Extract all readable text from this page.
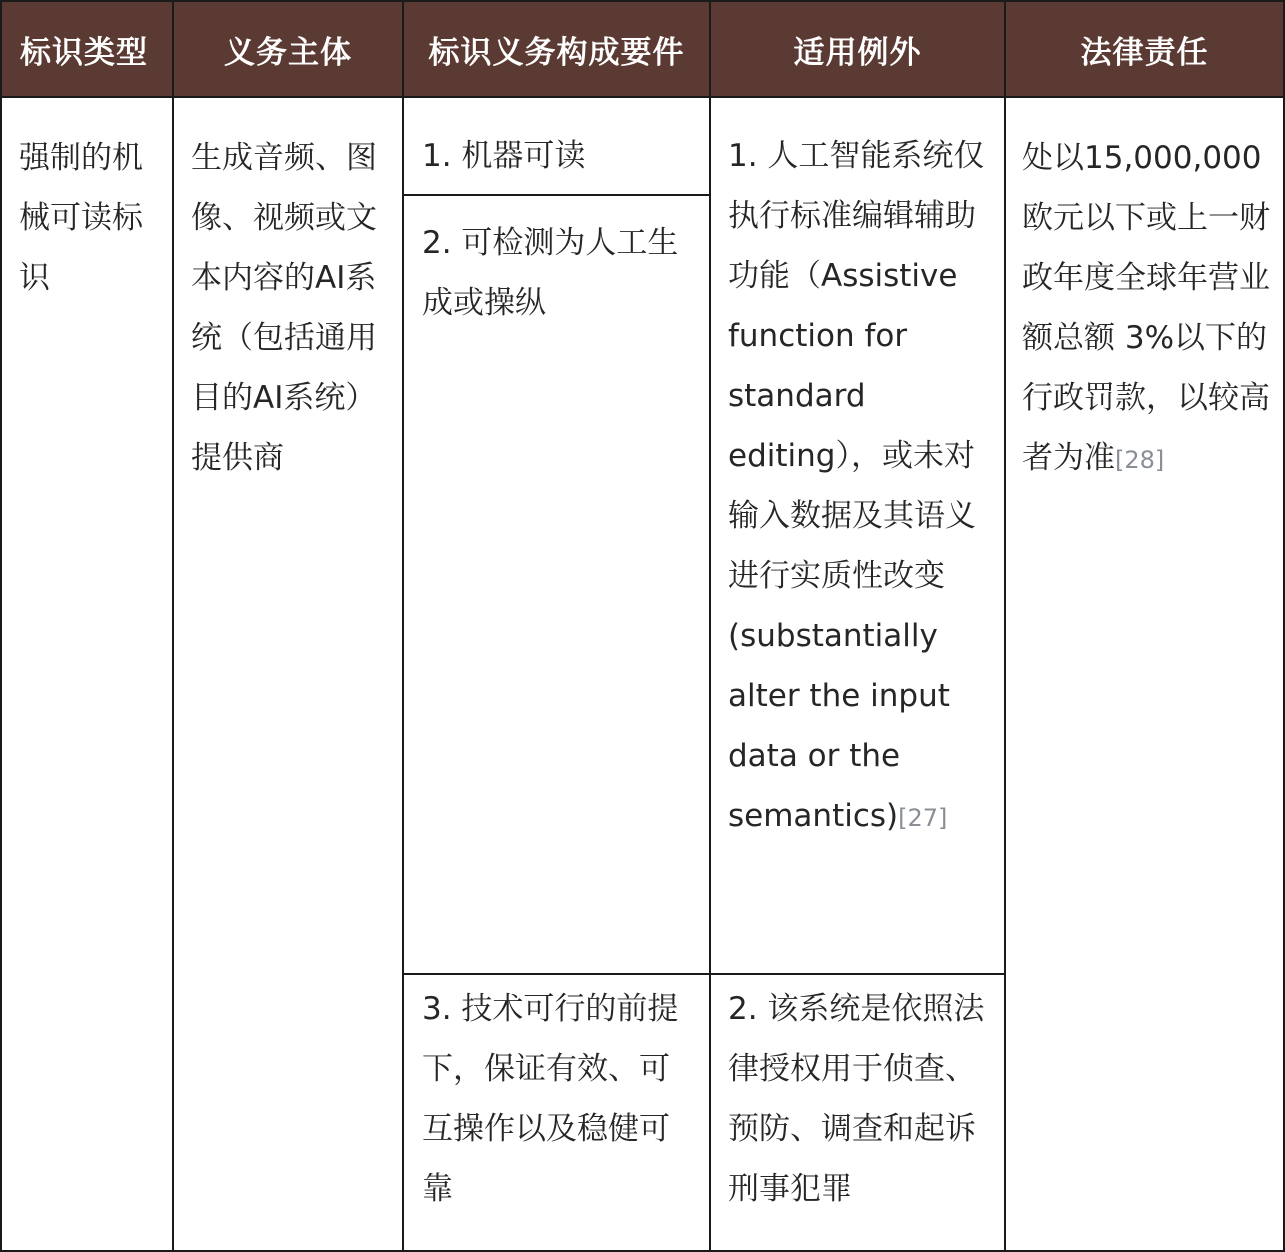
标识类型	义务主体	标识义务构成要件	适用例外	法律责任
强制的机械可读标识	生成音频、图像、视频或文本内容的AI系统（包括通用目的AI系统）提供商	1. 机器可读	1. 人工智能系统仅执行标准编辑辅助功能（Assistive function for standard editing），或未对输入数据及其语义进行实质性改变(substantially alter the input data or the semantics)[27]	处以15,000,000欧元以下或上一财政年度全球年营业额总额 3%以下的行政罚款，以较高者为准[28]
		2. 可检测为人工生成或操纵		
		3. 技术可行的前提下，保证有效、可互操作以及稳健可靠	2. 该系统是依照法律授权用于侦查、预防、调查和起诉刑事犯罪	
